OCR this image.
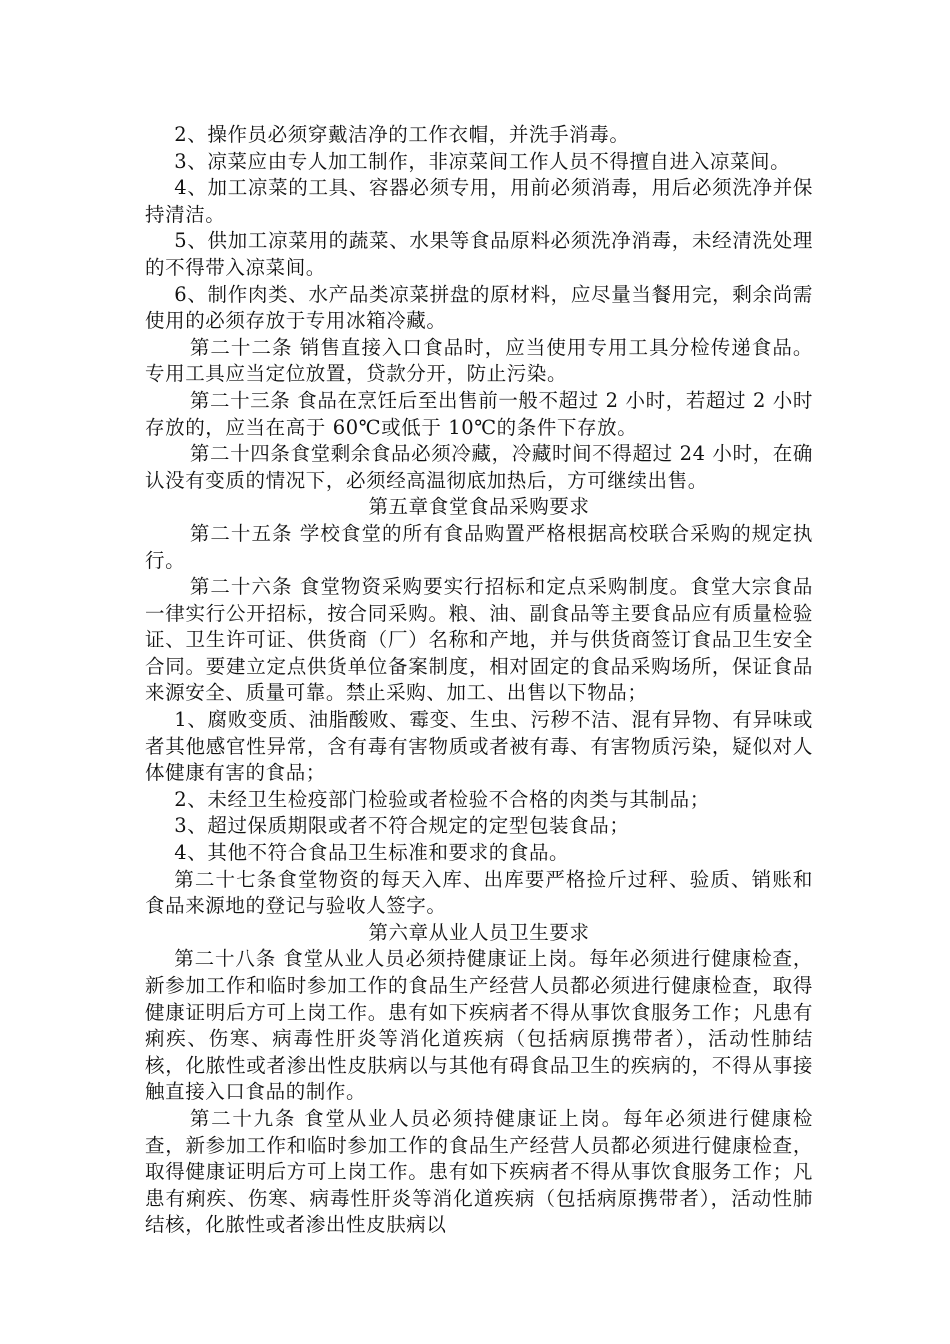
2、操作员必须穿戴洁净的工作衣帽，并洗手消毒。

3、凉菜应由专人加工制作，非凉菜间工作人员不得擅自进入凉菜间。

4、加工凉菜的工具、容器必须专用，用前必须消毒，用后必须洗净并保持清洁。

5、供加工凉菜用的蔬菜、水果等食品原料必须洗净消毒，未经清洗处理的不得带入凉菜间。

6、制作肉类、水产品类凉菜拼盘的原材料，应尽量当餐用完，剩余尚需使用的必须存放于专用冰箱冷藏。

第二十二条 销售直接入口食品时，应当使用专用工具分检传递食品。专用工具应当定位放置，贷款分开，防止污染。

第二十三条 食品在烹饪后至出售前一般不超过 2 小时，若超过 2 小时存放的，应当在高于 60℃或低于 10℃的条件下存放。

第二十四条食堂剩余食品必须冷藏，冷藏时间不得超过 24 小时，在确认没有变质的情况下，必须经高温彻底加热后，方可继续出售。

第五章食堂食品采购要求

第二十五条 学校食堂的所有食品购置严格根据高校联合采购的规定执行。

第二十六条 食堂物资采购要实行招标和定点采购制度。食堂大宗食品一律实行公开招标，按合同采购。粮、油、副食品等主要食品应有质量检验证、卫生许可证、供货商（厂）名称和产地，并与供货商签订食品卫生安全合同。要建立定点供货单位备案制度，相对固定的食品采购场所，保证食品来源安全、质量可靠。禁止采购、加工、出售以下物品；

1、腐败变质、油脂酸败、霉变、生虫、污秽不洁、混有异物、有异味或者其他感官性异常，含有毒有害物质或者被有毒、有害物质污染，疑似对人体健康有害的食品；

2、未经卫生检疫部门检验或者检验不合格的肉类与其制品；

3、超过保质期限或者不符合规定的定型包装食品；

4、其他不符合食品卫生标准和要求的食品。

第二十七条食堂物资的每天入库、出库要严格捡斤过秤、验质、销账和食品来源地的登记与验收人签字。

第六章从业人员卫生要求

第二十八条 食堂从业人员必须持健康证上岗。每年必须进行健康检查，新参加工作和临时参加工作的食品生产经营人员都必须进行健康检查，取得健康证明后方可上岗工作。患有如下疾病者不得从事饮食服务工作；凡患有痢疾、伤寒、病毒性肝炎等消化道疾病（包括病原携带者），活动性肺结核，化脓性或者渗出性皮肤病以与其他有碍食品卫生的疾病的，不得从事接触直接入口食品的制作。

第二十九条 食堂从业人员必须持健康证上岗。每年必须进行健康检查，新参加工作和临时参加工作的食品生产经营人员都必须进行健康检查，取得健康证明后方可上岗工作。患有如下疾病者不得从事饮食服务工作；凡患有痢疾、伤寒、病毒性肝炎等消化道疾病（包括病原携带者），活动性肺结核，化脓性或者渗出性皮肤病以
